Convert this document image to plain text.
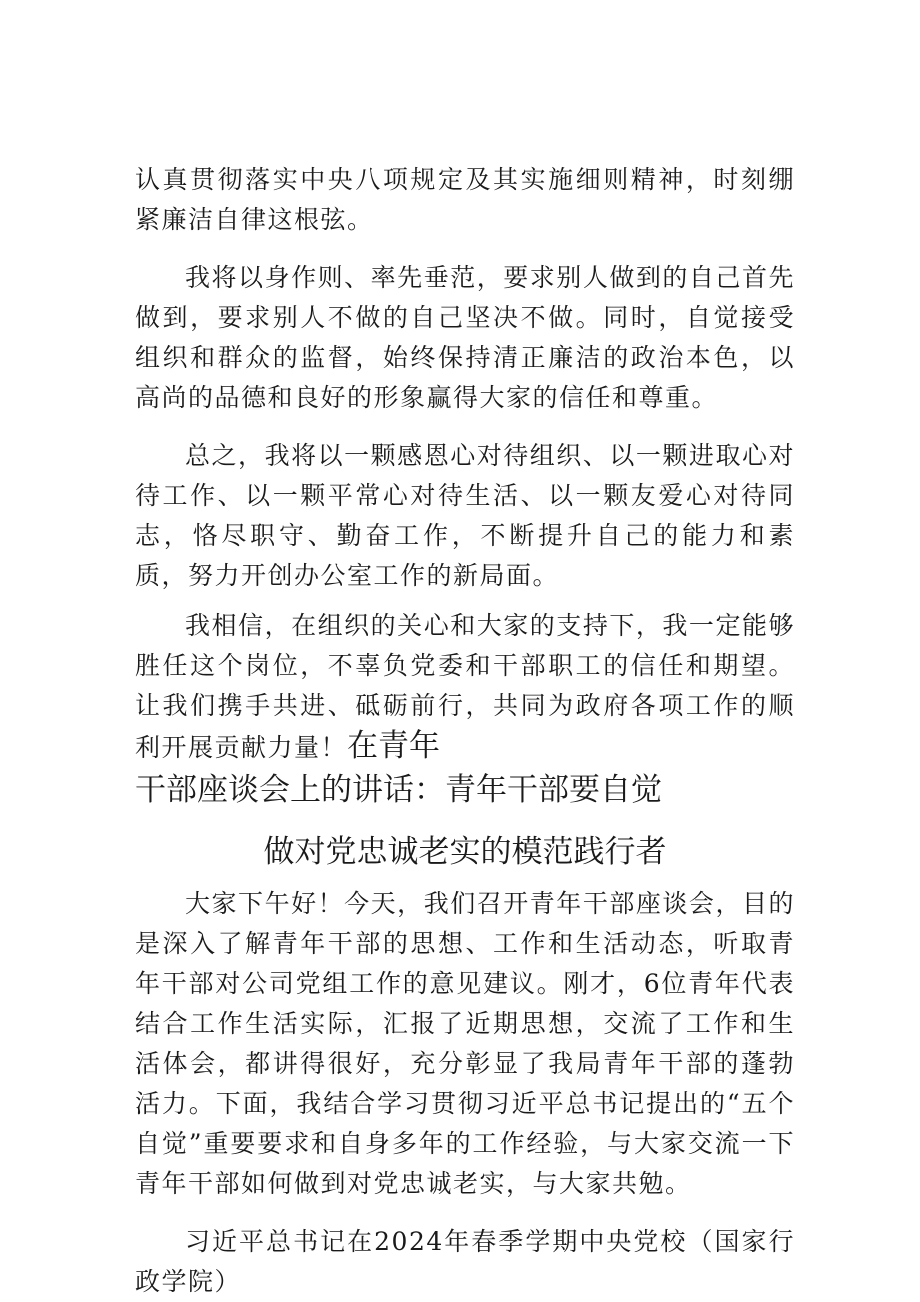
认真贯彻落实中央八项规定及其实施细则精神，时刻绷紧廉洁自律这根弦。

我将以身作则、率先垂范，要求别人做到的自己首先做到，要求别人不做的自己坚决不做。同时，自觉接受组织和群众的监督，始终保持清正廉洁的政治本色，以高尚的品德和良好的形象赢得大家的信任和尊重。

总之，我将以一颗感恩心对待组织、以一颗进取心对待工作、以一颗平常心对待生活、以一颗友爱心对待同志，恪尽职守、勤奋工作，不断提升自己的能力和素质，努力开创办公室工作的新局面。

我相信，在组织的关心和大家的支持下，我一定能够胜任这个岗位，不辜负党委和干部职工的信任和期望。让我们携手共进、砥砺前行，共同为政府各项工作的顺利开展贡献力量！在青年

干部座谈会上的讲话：青年干部要自觉

做对党忠诚老实的模范践行者

大家下午好！今天，我们召开青年干部座谈会，目的是深入了解青年干部的思想、工作和生活动态，听取青年干部对公司党组工作的意见建议。刚才，6位青年代表结合工作生活实际，汇报了近期思想，交流了工作和生活体会，都讲得很好，充分彰显了我局青年干部的蓬勃活力。下面，我结合学习贯彻习近平总书记提出的“五个自觉”重要要求和自身多年的工作经验，与大家交流一下青年干部如何做到对党忠诚老实，与大家共勉。

习近平总书记在2024年春季学期中央党校（国家行政学院）
